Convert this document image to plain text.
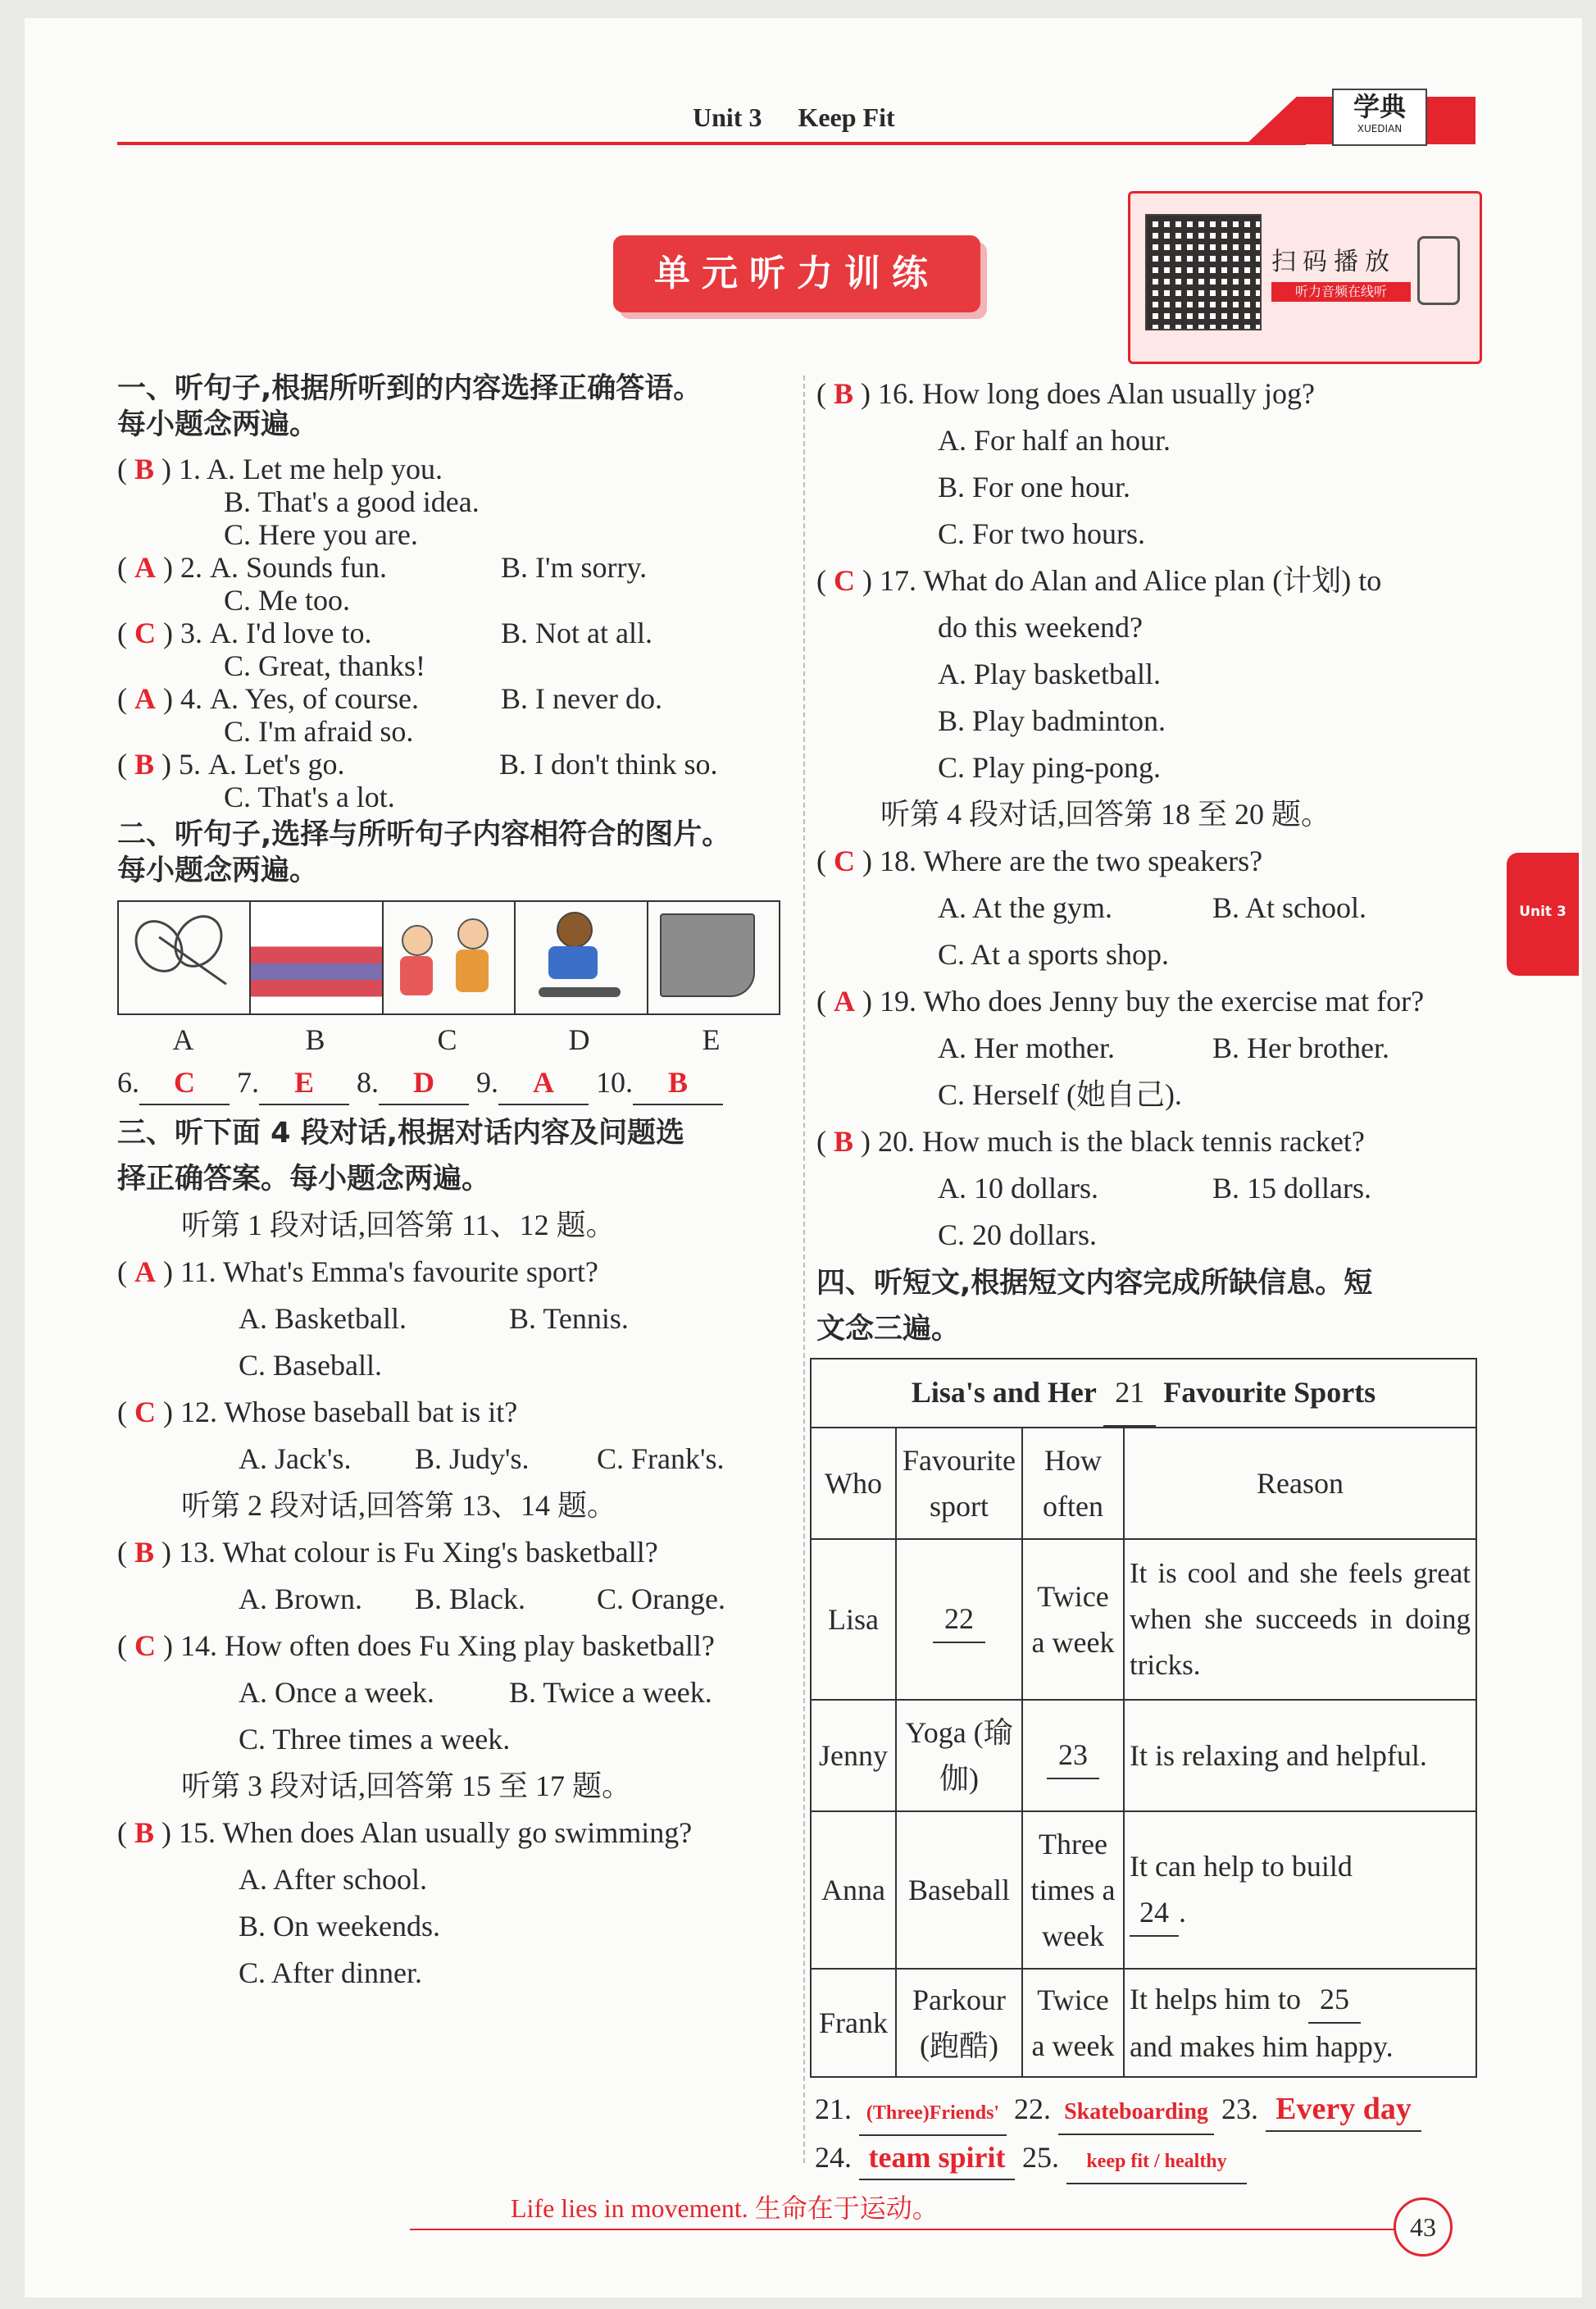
Unit 3 Keep Fit	学典
XUEDIAN
单元听力训练	扫码播放
听力音频在线听
Unit 3
一、听句子,根据所听到的内容选择正确答语。
每小题念两遍。
( B ) 1. A. Let me help you.
B. That's a good idea.
C. Here you are.
( A ) 2. A. Sounds fun.	B. I'm sorry.
C. Me too.
( C ) 3. A. I'd love to.	B. Not at all.
C. Great, thanks!
( A ) 4. A. Yes, of course.	B. I never do.
C. I'm afraid so.
( B ) 5. A. Let's go.	B. I don't think so.
C. That's a lot.
二、听句子,选择与所听句子内容相符合的图片。
每小题念两遍。
A	B	C	D	E
6. C 7. E 8. D 9. A 10. B
三、听下面 4 段对话,根据对话内容及问题选
择正确答案。每小题念两遍。
听第 1 段对话,回答第 11、12 题。
( A ) 11. What's Emma's favourite sport?
A. Basketball.	B. Tennis.
C. Baseball.
( C ) 12. Whose baseball bat is it?
A. Jack's. B. Judy's. C. Frank's.
听第 2 段对话,回答第 13、14 题。
( B ) 13. What colour is Fu Xing's basketball?
A. Brown. B. Black. C. Orange.
( C ) 14. How often does Fu Xing play basketball?
A. Once a week.	B. Twice a week.
C. Three times a week.
听第 3 段对话,回答第 15 至 17 题。
( B ) 15. When does Alan usually go swimming?
A. After school.
B. On weekends.
C. After dinner.
( B ) 16. How long does Alan usually jog?
A. For half an hour.
B. For one hour.
C. For two hours.
( C ) 17. What do Alan and Alice plan (计划) to
do this weekend?
A. Play basketball.
B. Play badminton.
C. Play ping-pong.
听第 4 段对话,回答第 18 至 20 题。
( C ) 18. Where are the two speakers?
A. At the gym.	B. At school.
C. At a sports shop.
( A ) 19. Who does Jenny buy the exercise mat for?
A. Her mother.	B. Her brother.
C. Herself (她自己).
( B ) 20. How much is the black tennis racket?
A. 10 dollars.	B. 15 dollars.
C. 20 dollars.
四、听短文,根据短文内容完成所缺信息。短
文念三遍。
Lisa's and Her 21 Favourite Sports			
Who	Favourite sport	How often	Reason
Lisa	22	Twice a week	It is cool and she feels great when she succeeds in doing tricks.
Jenny	Yoga (瑜伽)	23	It is relaxing and helpful.
Anna	Baseball	Three times a week	It can help to build
24 .
Frank	Parkour (跑酷)	Twice a week	It helps him to 25
and makes him happy.
21. (Three)Friends' 22. Skateboarding 23. Every day
24. team spirit 25. keep fit / healthy
Life lies in movement. 生命在于运动。
43
